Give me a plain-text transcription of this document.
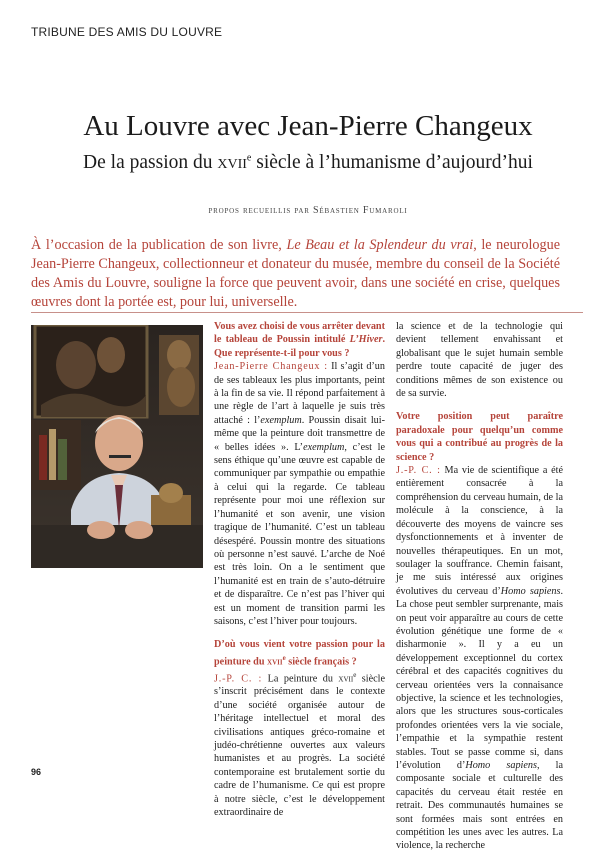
TRIBUNE DES AMIS DU LOUVRE
Au Louvre avec Jean-Pierre Changeux
De la passion du xvii$^e$ siècle à l’humanisme d’aujourd’hui
propos recueillis par Sébastien Fumaroli
À l’occasion de la publication de son livre, Le Beau et la Splendeur du vrai, le neurologue Jean-Pierre Changeux, collectionneur et donateur du musée, membre du conseil de la Société des Amis du Louvre, souligne la force que peuvent avoir, dans une société en crise, quelques œuvres dont la portée est, pour lui, universelle.

Vous avez choisi de vous arrêter devant le tableau de Poussin intitulé L’Hiver. Que représente-t-il pour vous ?

Jean-Pierre Changeux : Il s’agit d’un de ses tableaux les plus importants, peint à la fin de sa vie. Il répond parfaitement à une règle de l’art à laquelle je suis très attaché : l’exemplum. Poussin disait lui-même que la peinture doit transmettre de « belles idées ». L’exemplum, c’est le sens éthique qu’une œuvre est capable de communiquer par sympathie ou empathie à celui qui la regarde. Ce tableau représente pour moi une réflexion sur l’humanité et son avenir, une vision tragique de l’humanité. C’est un tableau désespéré. Poussin montre des situations où personne n’est sauvé. L’arche de Noé est très loin. On a le sentiment que l’humanité est en train de s’auto-détruire et de disparaître. Ce n’est pas l’hiver qui est un moment de transition parmi les saisons, c’est l’hiver pour toujours.

D’où vous vient votre passion pour la peinture du xvii$^e$ siècle français ?

J.-P. C. : La peinture du xvii$^e$ siècle s’inscrit précisément dans le contexte d’une société organisée autour de l’héritage intellectuel et moral des civilisations antiques gréco-romaine et judéo-chrétienne ouvertes aux valeurs humanistes et au progrès. La société contemporaine est brutalement sortie du cadre de l’humanisme. Ce qui est propre à notre siècle, c’est le développement extraordinaire de

la science et de la technologie qui devient tellement envahissant et globalisant que le sujet humain semble perdre toute capacité de juger des conditions mêmes de son existence ou de sa survie.

Votre position peut paraître paradoxale pour quelqu’un comme vous qui a contribué au progrès de la science ?

J.-P. C. : Ma vie de scientifique a été entièrement consacrée à la compréhension du cerveau humain, de la molécule à la conscience, à la découverte des moyens de vaincre ses dysfonctionnements et à inventer de nouvelles thérapeutiques. En un mot, soulager la souffrance. Chemin faisant, je me suis intéressé aux origines évolutives du cerveau d’Homo sapiens. La chose peut sembler surprenante, mais on peut voir apparaître au cours de cette évolution génétique une forme de « disharmonie ». Il y a eu un développement exceptionnel du cortex cérébral et des capacités cognitives du cerveau orientées vers la connaisance objective, la science et les technologies, alors que les structures sous-corticales profondes orientées vers la vie sociale, l’empathie et la sympathie restent stables. Tout se passe comme si, dans l’évolution d’Homo sapiens, la composante sociale et culturelle des capacités du cerveau était restée en retrait. Des communautés humaines se sont formées mais sont entrées en compétition les unes avec les autres. La violence, la recherche

96
